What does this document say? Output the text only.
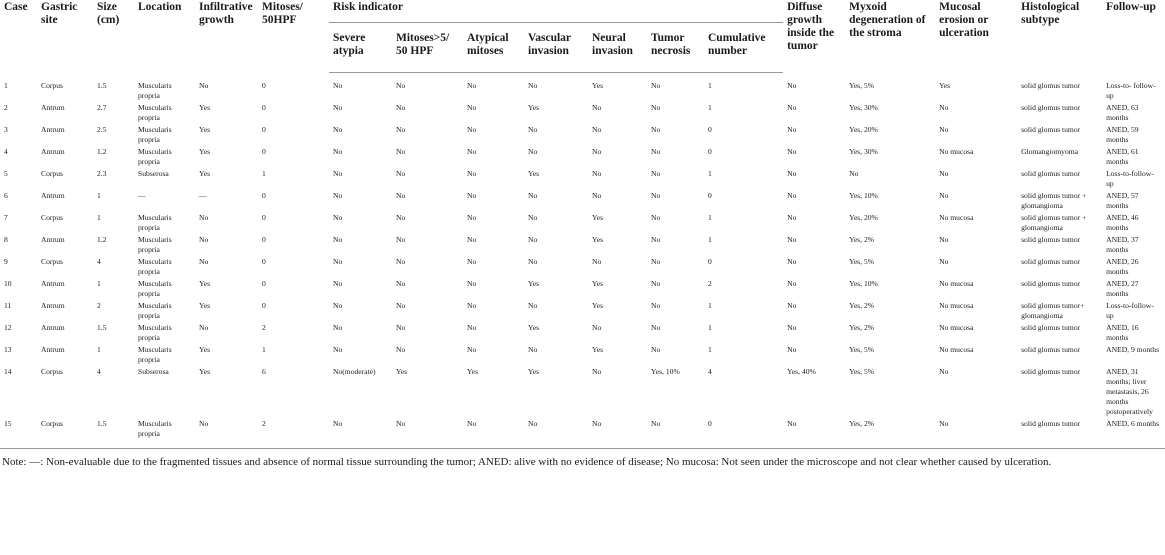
Case	Gastric site	Size (cm)	Location	Infiltrative growth	Mitoses/ 50HPF	Risk indicator							Diffuse growth inside the tumor	Myxoid degeneration of the stroma	Mucosal erosion or ulceration	Histological subtype	Follow-up
						Severe atypia	Mitoses>5/ 50 HPF	Atypical mitoses	Vascular invasion	Neural invasion	Tumor necrosis	Cumulative number					
1	Corpus	1.5	Muscularis propria	No	0	No	No	No	No	Yes	No	1	No	Yes, 5%	Yes	solid glomus tumor	Loss-to- follow-up
2	Antrum	2.7	Muscularis propria	Yes	0	No	No	No	Yes	No	No	1	No	Yes, 30%	No	solid glomus tumor	ANED, 63 months
3	Antrum	2.5	Muscularis propria	Yes	0	No	No	No	No	No	No	0	No	Yes, 20%	No	solid glomus tumor	ANED, 59 months
4	Antrum	1.2	Muscularis propria	Yes	0	No	No	No	No	No	No	0	No	Yes, 30%	No mucosa	Glomangiomyoma	ANED, 61 months
5	Corpus	2.3	Subserosa	Yes	1	No	No	No	Yes	No	No	1	No	No	No	solid glomus tumor	Loss-to-follow-up
6	Antrum	1	—	—	0	No	No	No	No	No	No	0	No	Yes, 10%	No	solid glomus tumor + glomangioma	ANED, 57 months
7	Corpus	1	Muscularis propria	No	0	No	No	No	No	Yes	No	1	No	Yes, 20%	No mucosa	solid glomus tumor + glomangioma	ANED, 46 months
8	Antrum	1.2	Muscularis propria	No	0	No	No	No	No	Yes	No	1	No	Yes, 2%	No	solid glomus tumor	ANED, 37 months
9	Corpus	4	Muscularis propria	No	0	No	No	No	No	No	No	0	No	Yes, 5%	No	solid glomus tumor	ANED, 26 months
10	Antrum	1	Muscularis propria	Yes	0	No	No	No	Yes	Yes	No	2	No	Yes, 10%	No mucosa	solid glomus tumor	ANED, 27 months
11	Antrum	2	Muscularis propria	Yes	0	No	No	No	No	Yes	No	1	No	Yes, 2%	No mucosa	solid glomus tumor+ glomangioma	Loss-to-follow-up
12	Antrum	1.5	Muscularis propria	No	2	No	No	No	Yes	No	No	1	No	Yes, 2%	No mucosa	solid glomus tumor	ANED, 16 months
13	Antrum	1	Muscularis propria	Yes	1	No	No	No	No	Yes	No	1	No	Yes, 5%	No mucosa	solid glomus tumor	ANED, 9 months
14	Corpus	4	Subserosa	Yes	6	No(moderate)	Yes	Yes	Yes	No	Yes, 10%	4	Yes, 40%	Yes, 5%	No	solid glomus tumor	ANED, 31 months; liver metastasis, 26 months postoperatively
15	Corpus	1.5	Muscularis propria	No	2	No	No	No	No	No	No	0	No	Yes, 2%	No	solid glomus tumor	ANED, 6 months
Note: —: Non-evaluable due to the fragmented tissues and absence of normal tissue surrounding the tumor; ANED: alive with no evidence of disease; No mucosa: Not seen under the microscope and not clear whether caused by ulceration.
